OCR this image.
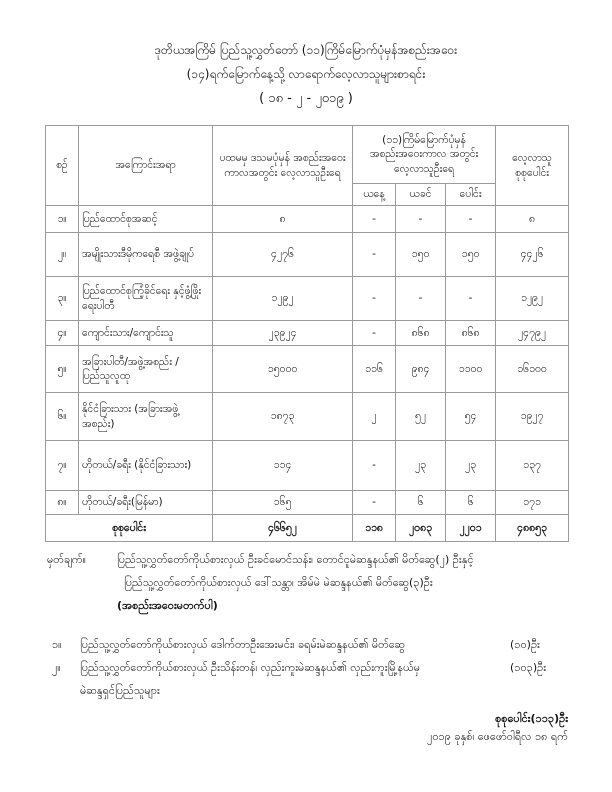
ဒုတိယအကြိမ် ပြည်သူ့လွှတ်တော် (၁၁)ကြိမ်မြောက်ပုံမှန်အစည်းအဝေး
(၁၄)ရက်မြောက်နေ့သို့ လာရောက်လေ့လာသူများစာရင်း
( ၁၈ - ၂ - ၂၀၁၉ )
စဉ်	အကြောင်းအရာ	ပထမမှ ဒသမပုံမှန် အစည်းအဝေးကာလအတွင်း လေ့လာသူဦးရေ	(၁၁)ကြိမ်မြောက်ပုံမှန် အစည်းအဝေးကာလ အတွင်းလေ့လာသူဦးရေ			လေ့လာသူ စုစုပေါင်း
			ယနေ့	ယခင်	ပေါင်း	
၁။	ပြည်ထောင်စုအဆင့်	၈	-	-	-	၈
၂။	အမျိုးသားဒီမိုကရေစီ အဖွဲ့ချုပ်	၄၂၇၆	-	၁၅၀	၁၅၀	၄၄၂၆
၃။	ပြည်ထောင်စုကြံ့ခိုင်ရေး နှင့်ဖွံ့ဖြိုးရေးပါတီ	၁၂၉၂	-	-	-	၁၂၉၂
၄။	ကျောင်းသား/ကျောင်းသူ	၂၃၉၂၄	-	၈၆၈	၈၆၈	၂၄၇၉၂
၅။	အခြားပါတီ/အဖွဲ့အစည်း / ပြည်သူလူထု	၁၅၀၀၀	၁၁၆	၉၈၄	၁၁၀၀	၁၆၁၀၀
၆။	နိုင်ငံခြားသား (အခြားအဖွဲ့အစည်း)	၁၈၇၃	၂	၅၂	၅၄	၁၉၂၇
၇။	ဟိုတယ်/ခရီး (နိုင်ငံခြားသား)	၁၁၄	-	၂၃	၂၃	၁၃၇
၈။	ဟိုတယ်/ခရီး(မြန်မာ)	၁၆၅	-	၆	၆	၁၇၁
စုစုပေါင်း		၄၆၆၅၂	၁၁၈	၂၀၈၃	၂၂၀၁	၄၈၈၅၃
မှတ်ချက်။	ပြည်သူ့လွှတ်တော်ကိုယ်စားလှယ် ဦးခင်မောင်သန်း၊ တောင်ငူမဲဆန္ဒနယ်၏ မိတ်ဆွေ(၂) ဦးနှင့်
ပြည်သူ့လွှတ်တော်ကိုယ်စားလှယ် ဒေါ်သန္တာ၊ အိမ်မဲ မဲဆန္ဒနယ်၏ မိတ်ဆွေ(၃)ဦး
(အစည်းအဝေးမတက်ပါ)
၁။ ပြည်သူ့လွှတ်တော်ကိုယ်စားလှယ် ဒေါက်တာဦးအေးမင်း၊ ခရမ်းမဲဆန္ဒနယ်၏ မိတ်ဆွေ	(၁၀)ဦး
၂။ ပြည်သူ့လွှတ်တော်ကိုယ်စားလှယ် ဦးသိန်းတန်၊ လှည်းကူးမဲဆန္ဒနယ်၏ လှည်းကူးမြို့နယ်မှ	(၁၀၃)ဦး
မဲဆန္ဒရှင်ပြည်သူများ
စုစုပေါင်း(၁၁၃)ဦး
၂၀၁၉ ခုနှစ်၊ ဖေဖော်ဝါရီလ ၁၈ ရက်
